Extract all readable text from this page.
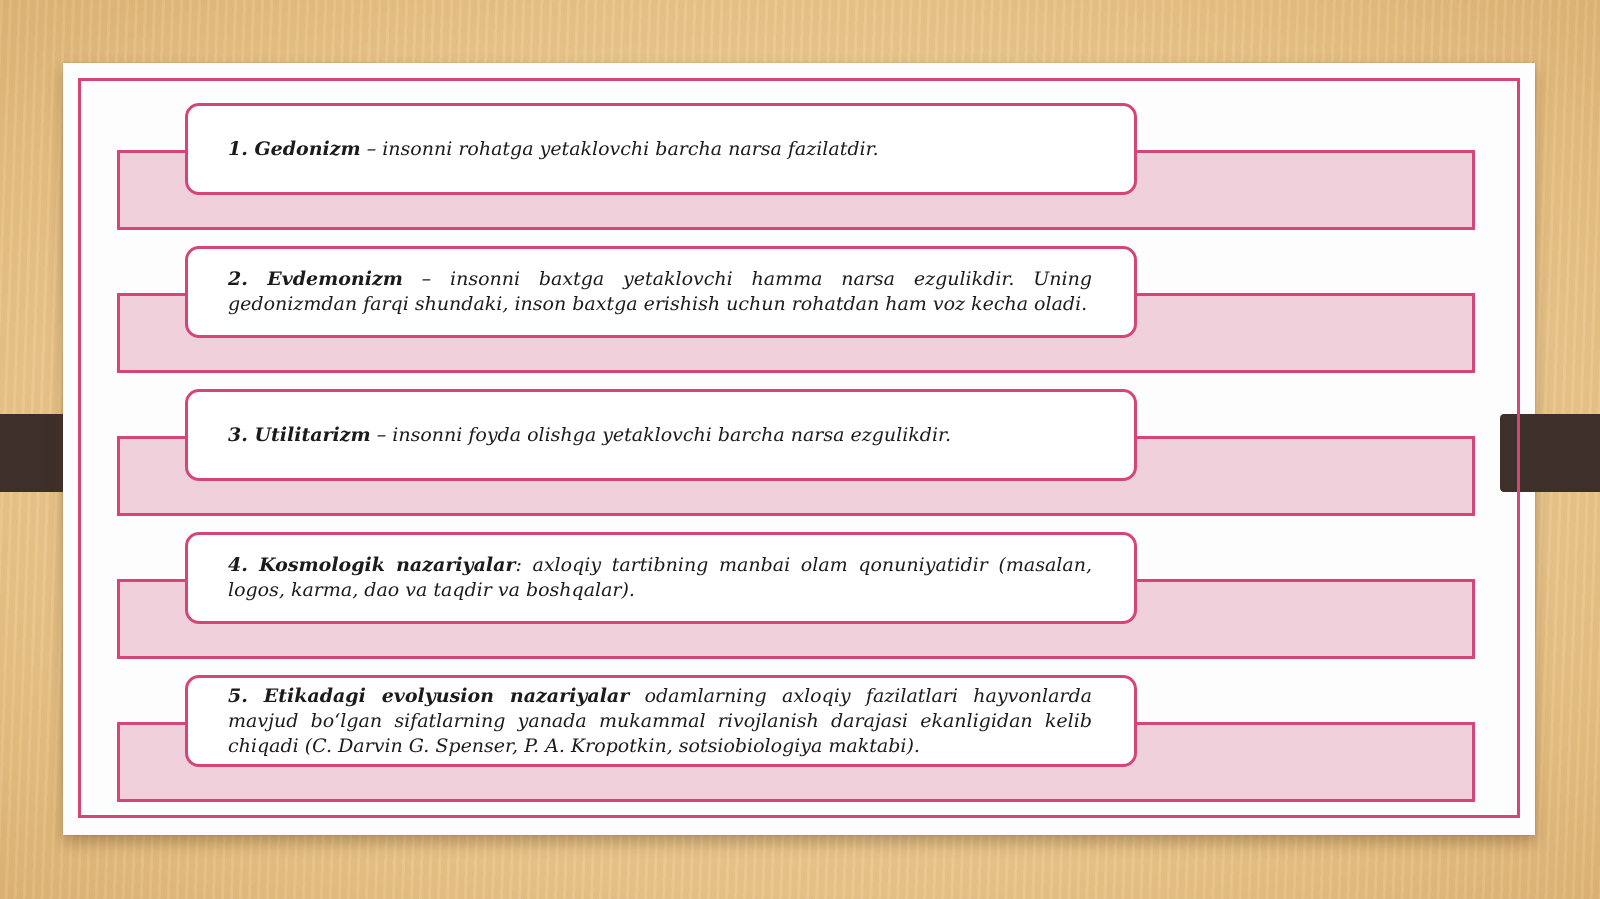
1. Gedonizm – insonni rohatga yetaklovchi barcha narsa fazilatdir.
2. Evdemonizm – insonni baxtga yetaklovchi hamma narsa ezgulikdir. Uning gedonizmdan farqi shundaki, inson baxtga erishish uchun rohatdan ham voz kecha oladi.
3. Utilitarizm – insonni foyda olishga yetaklovchi barcha narsa ezgulikdir.
4. Kosmologik nazariyalar: axloqiy tartibning manbai olam qonuniyatidir (masalan, logos, karma, dao va taqdir va boshqalar).
5. Etikadagi evolyusion nazariyalar odamlarning axloqiy fazilatlari hayvonlarda mavjud bo‘lgan sifatlarning yanada mukammal rivojlanish darajasi ekanligidan kelib chiqadi (C. Darvin G. Spenser, P. A. Kropotkin, sotsiobiologiya maktabi).
